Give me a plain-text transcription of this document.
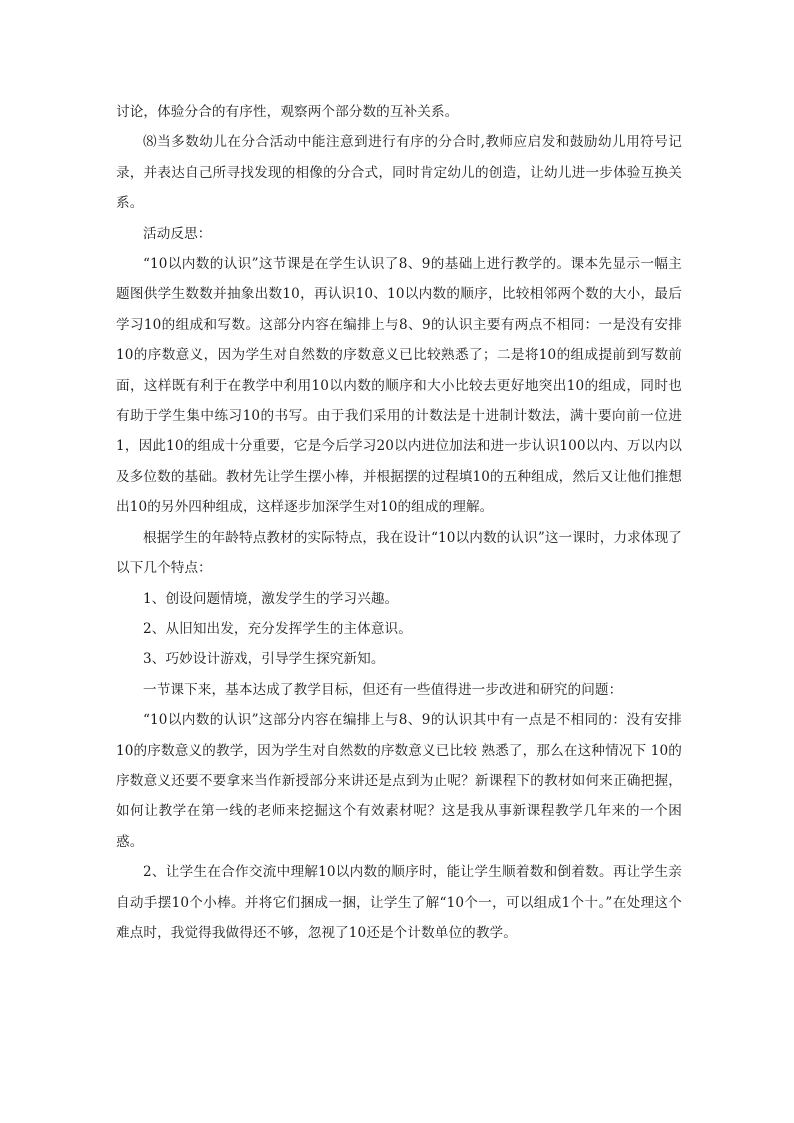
讨论，体验分合的有序性，观察两个部分数的互补关系。

⑻当多数幼儿在分合活动中能注意到进行有序的分合时,教师应启发和鼓励幼儿用符号记录，并表达自己所寻找发现的相像的分合式，同时肯定幼儿的创造，让幼儿进一步体验互换关系。

活动反思：

“10以内数的认识”这节课是在学生认识了8、9的基础上进行教学的。课本先显示一幅主题图供学生数数并抽象出数10，再认识10、10以内数的顺序，比较相邻两个数的大小，最后学习10的组成和写数。这部分内容在编排上与8、9的认识主要有两点不相同：一是没有安排10的序数意义，因为学生对自然数的序数意义已比较熟悉了；二是将10的组成提前到写数前面，这样既有利于在教学中利用10以内数的顺序和大小比较去更好地突出10的组成，同时也有助于学生集中练习10的书写。由于我们采用的计数法是十进制计数法，满十要向前一位进1，因此10的组成十分重要，它是今后学习20以内进位加法和进一步认识100以内、万以内以及多位数的基础。教材先让学生摆小棒，并根据摆的过程填10的五种组成，然后又让他们推想出10的另外四种组成，这样逐步加深学生对10的组成的理解。

根据学生的年龄特点教材的实际特点，我在设计“10以内数的认识”这一课时，力求体现了以下几个特点：

1、创设问题情境，激发学生的学习兴趣。

2、从旧知出发，充分发挥学生的主体意识。

3、巧妙设计游戏，引导学生探究新知。

一节课下来，基本达成了教学目标，但还有一些值得进一步改进和研究的问题：

“10以内数的认识”这部分内容在编排上与8、9的认识其中有一点是不相同的：没有安排10的序数意义的教学，因为学生对自然数的序数意义已比较 熟悉了，那么在这种情况下 10的序数意义还要不要拿来当作新授部分来讲还是点到为止呢？新课程下的教材如何来正确把握，如何让教学在第一线的老师来挖掘这个有效素材呢？这是我从事新课程教学几年来的一个困惑。

2、让学生在合作交流中理解10以内数的顺序时，能让学生顺着数和倒着数。再让学生亲自动手摆10个小棒。并将它们捆成一捆，让学生了解“10个一，可以组成1个十。”在处理这个难点时，我觉得我做得还不够，忽视了10还是个计数单位的教学。
